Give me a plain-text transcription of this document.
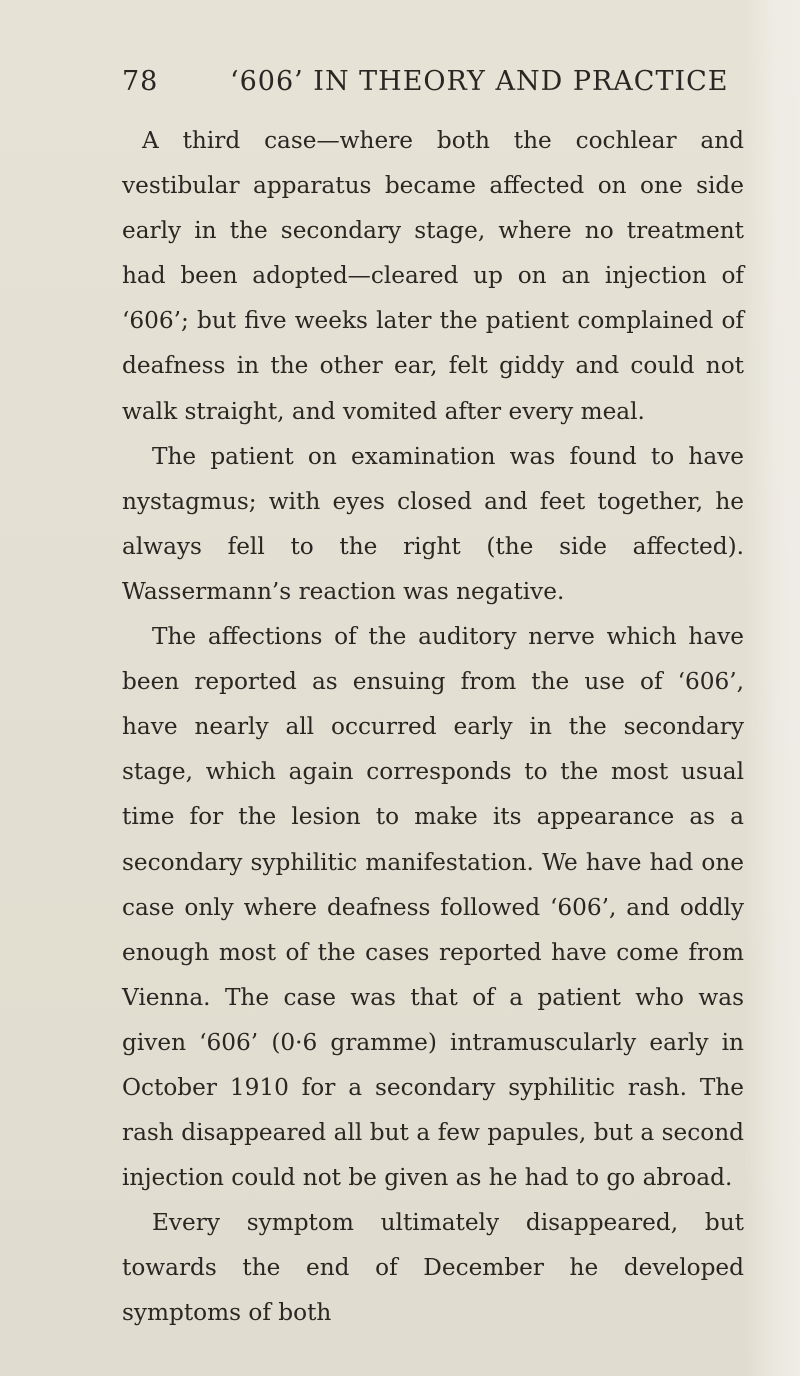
78	‘606’ IN THEORY AND PRACTICE

A third case—where both the cochlear and vestibular apparatus became affected on one side early in the secondary stage, where no treatment had been adopted—cleared up on an injection of ‘606’; but five weeks later the patient complained of deafness in the other ear, felt giddy and could not walk straight, and vomited after every meal.

The patient on examination was found to have nystagmus; with eyes closed and feet together, he always fell to the right (the side affected). Wassermann’s reaction was negative.

The affections of the auditory nerve which have been reported as ensuing from the use of ‘606’, have nearly all occurred early in the secondary stage, which again corresponds to the most usual time for the lesion to make its appearance as a secondary syphilitic manifestation. We have had one case only where deafness followed ‘606’, and oddly enough most of the cases reported have come from Vienna. The case was that of a patient who was given ‘606’ (0·6 gramme) intramuscularly early in October 1910 for a secondary syphilitic rash. The rash disappeared all but a few papules, but a second injection could not be given as he had to go abroad.

Every symptom ultimately disappeared, but towards the end of December he developed symptoms of both
